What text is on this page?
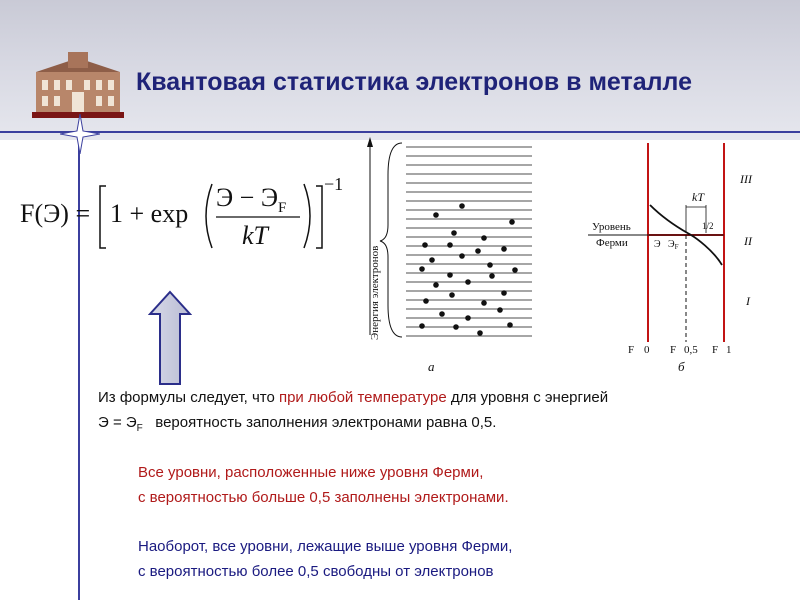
Квантовая статистика электронов в металле
F(Э) = 1 + exp
$Э - Э_F$
kT
−1
Энергия электронов
а
kT
1/2
Уровень
Ферми	Э $Э_F$
III
II
I
F 0 F 0,5 F 1
б
Из формулы следует, что при любой температуре для уровня с энергией
$Э = Э_F$   вероятность заполнения электронами равна 0,5.
Все уровни, расположенные ниже уровня Ферми,
с вероятностью больше 0,5 заполнены электронами.
Наоборот, все уровни, лежащие выше уровня Ферми,
с вероятностью более 0,5 свободны от электронов
